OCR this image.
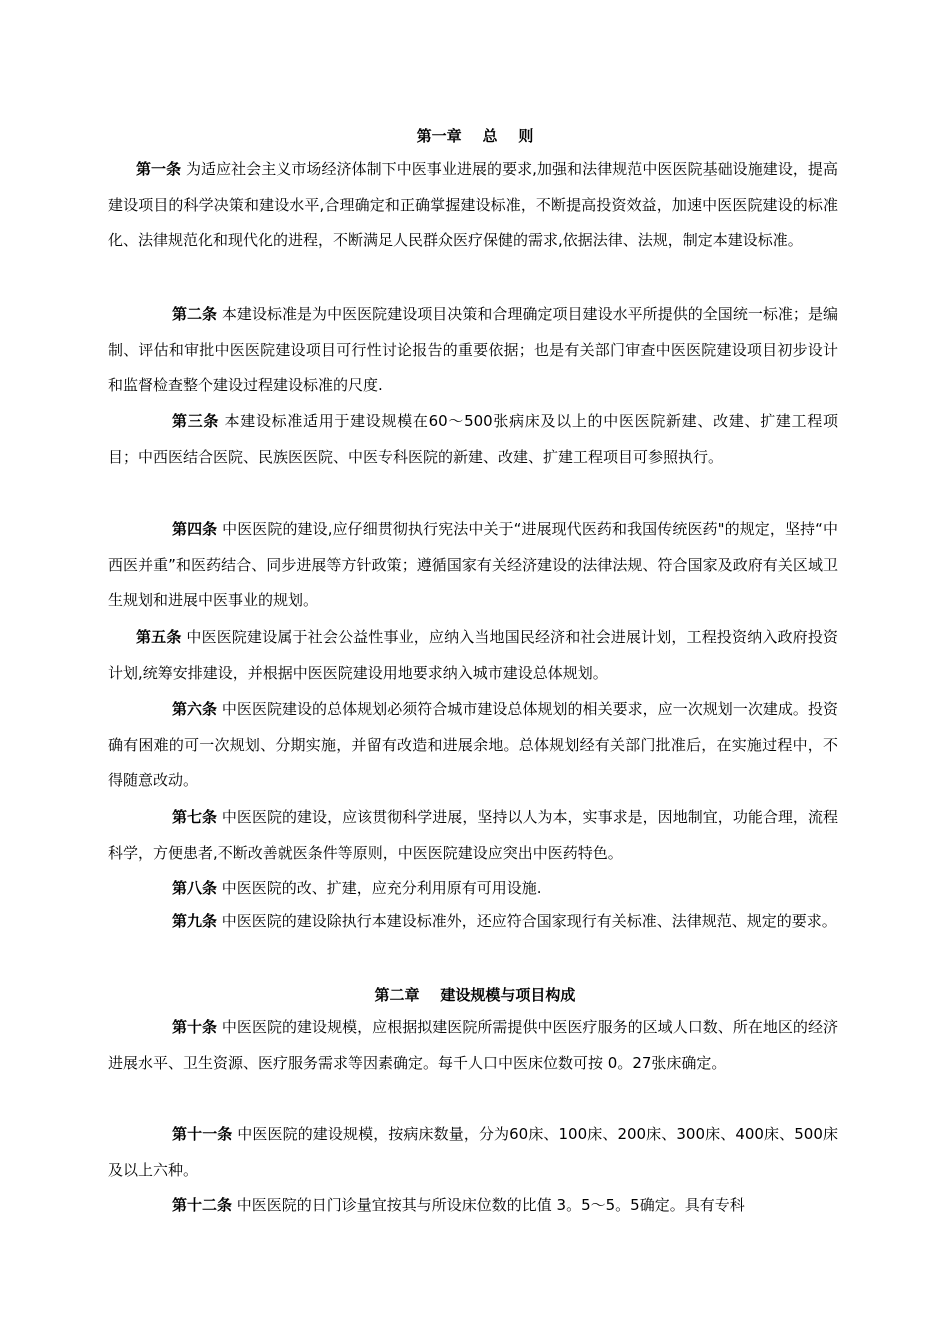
第一章    总    则

第一条 为适应社会主义市场经济体制下中医事业进展的要求,加强和法律规范中医医院基础设施建设，提高建设项目的科学决策和建设水平,合理确定和正确掌握建设标准，不断提高投资效益，加速中医医院建设的标准化、法律规范化和现代化的进程，不断满足人民群众医疗保健的需求,依据法律、法规，制定本建设标准。

第二条 本建设标准是为中医医院建设项目决策和合理确定项目建设水平所提供的全国统一标准；是编制、评估和审批中医医院建设项目可行性讨论报告的重要依据；也是有关部门审查中医医院建设项目初步设计和监督检查整个建设过程建设标准的尺度.

第三条 本建设标准适用于建设规模在60～500张病床及以上的中医医院新建、改建、扩建工程项目；中西医结合医院、民族医医院、中医专科医院的新建、改建、扩建工程项目可参照执行。

第四条 中医医院的建设,应仔细贯彻执行宪法中关于“进展现代医药和我国传统医药"的规定，坚持“中西医并重”和医药结合、同步进展等方针政策；遵循国家有关经济建设的法律法规、符合国家及政府有关区域卫生规划和进展中医事业的规划。

第五条 中医医院建设属于社会公益性事业，应纳入当地国民经济和社会进展计划，工程投资纳入政府投资计划,统筹安排建设，并根据中医医院建设用地要求纳入城市建设总体规划。

第六条 中医医院建设的总体规划必须符合城市建设总体规划的相关要求，应一次规划一次建成。投资确有困难的可一次规划、分期实施，并留有改造和进展余地。总体规划经有关部门批准后，在实施过程中，不得随意改动。

第七条 中医医院的建设，应该贯彻科学进展，坚持以人为本，实事求是，因地制宜，功能合理，流程科学，方便患者,不断改善就医条件等原则，中医医院建设应突出中医药特色。

第八条 中医医院的改、扩建，应充分利用原有可用设施.

第九条 中医医院的建设除执行本建设标准外，还应符合国家现行有关标准、法律规范、规定的要求。

第二章    建设规模与项目构成

第十条 中医医院的建设规模，应根据拟建医院所需提供中医医疗服务的区域人口数、所在地区的经济进展水平、卫生资源、医疗服务需求等因素确定。每千人口中医床位数可按 0。27张床确定。

第十一条 中医医院的建设规模，按病床数量，分为60床、100床、200床、300床、400床、500床及以上六种。

第十二条 中医医院的日门诊量宜按其与所设床位数的比值 3。5～5。5确定。具有专科
